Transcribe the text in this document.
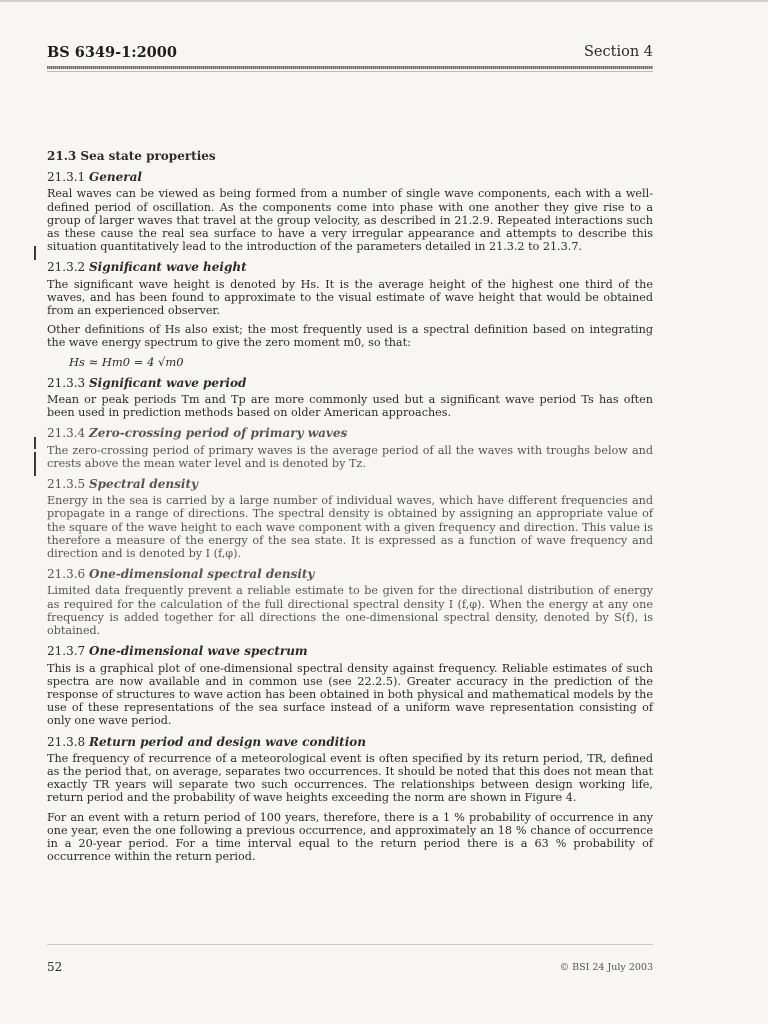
BS 6349-1:2000	Section 4
21.3 Sea state properties
21.3.1 General

Real waves can be viewed as being formed from a number of single wave components, each with a well-defined period of oscillation. As the components come into phase with one another they give rise to a group of larger waves that travel at the group velocity, as described in 21.2.9. Repeated interactions such as these cause the real sea surface to have a very irregular appearance and attempts to describe this situation quantitatively lead to the introduction of the parameters detailed in 21.3.2 to 21.3.7.

21.3.2 Significant wave height

The significant wave height is denoted by Hs. It is the average height of the highest one third of the waves, and has been found to approximate to the visual estimate of wave height that would be obtained from an experienced observer.

Other definitions of Hs also exist; the most frequently used is a spectral definition based on integrating the wave energy spectrum to give the zero moment m0, so that:

Hs ≈ Hm0 = 4 √m0
21.3.3 Significant wave period

Mean or peak periods Tm and Tp are more commonly used but a significant wave period Ts has often been used in prediction methods based on older American approaches.

21.3.4 Zero-crossing period of primary waves

The zero-crossing period of primary waves is the average period of all the waves with troughs below and crests above the mean water level and is denoted by Tz.

21.3.5 Spectral density

Energy in the sea is carried by a large number of individual waves, which have different frequencies and propagate in a range of directions. The spectral density is obtained by assigning an appropriate value of the square of the wave height to each wave component with a given frequency and direction. This value is therefore a measure of the energy of the sea state. It is expressed as a function of wave frequency and direction and is denoted by I (f,φ).

21.3.6 One-dimensional spectral density

Limited data frequently prevent a reliable estimate to be given for the directional distribution of energy as required for the calculation of the full directional spectral density I (f,φ). When the energy at any one frequency is added together for all directions the one-dimensional spectral density, denoted by S(f), is obtained.

21.3.7 One-dimensional wave spectrum

This is a graphical plot of one-dimensional spectral density against frequency. Reliable estimates of such spectra are now available and in common use (see 22.2.5). Greater accuracy in the prediction of the response of structures to wave action has been obtained in both physical and mathematical models by the use of these representations of the sea surface instead of a uniform wave representation consisting of only one wave period.

21.3.8 Return period and design wave condition

The frequency of recurrence of a meteorological event is often specified by its return period, TR, defined as the period that, on average, separates two occurrences. It should be noted that this does not mean that exactly TR years will separate two such occurrences. The relationships between design working life, return period and the probability of wave heights exceeding the norm are shown in Figure 4.

For an event with a return period of 100 years, therefore, there is a 1 % probability of occurrence in any one year, even the one following a previous occurrence, and approximately an 18 % chance of occurrence in a 20-year period. For a time interval equal to the return period there is a 63 % probability of occurrence within the return period.

52	© BSI 24 July 2003
